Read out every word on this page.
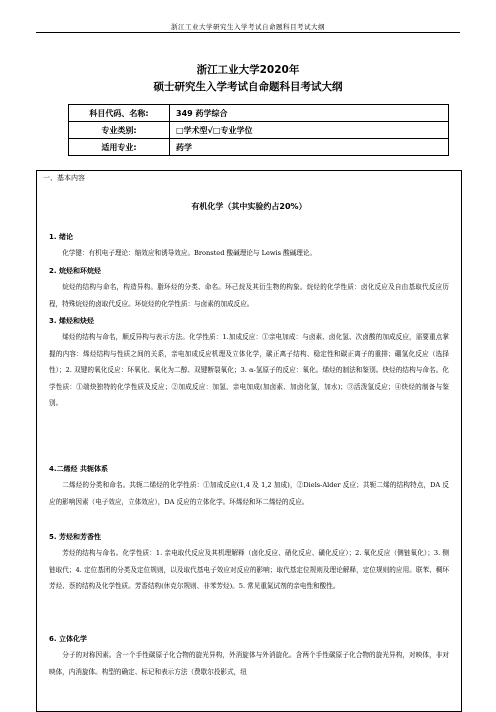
浙江工业大学研究生入学考试自命题科目考试大纲
浙江工业大学2020年
硕士研究生入学考试自命题科目考试大纲
科目代码、名称:	349 药学综合
专业类别:	□学术型√□专业学位
适用专业:	药学
一、基本内容
有机化学（其中实验约占20%）
1. 绪论

化学键：有机电子理论：缩效应和诱导效应。Bronsted 酸碱理论与 Lewis 酸碱理论。

2. 烷烃和环烷烃

烷烃的结构与命名，构造异构。脂环烃的分类、命名。环己烷及其衍生物的构象。烷烃的化学性质：卤化反应及自由基取代反应历程，特殊烷烃的卤取代反应。环烷烃的化学性质：与卤素的加成反应。

3. 烯烃和炔烃

烯烃的结构与命名，顺反异构与表示方法。化学性质：1.加成反应：①亲电加成：与卤素、卤化氢、次卤酸的加成反应，需要重点掌握的内容：烯烃结构与性质之间的关系，亲电加成反应机理及立体化学，碳正离子结构、稳定性和碳正离子的重排；硼氢化反应（选择性）；2. 双键的氧化反应：环氧化、氧化为二醇、双键断裂氧化；3. α-氢原子的反应：氧化。烯烃的制法和鉴别。炔烃的结构与命名。化学性质：①端炔独特的化学性质及反应；②加成反应：加氢、亲电加成(加卤素、加卤化氢，加水)；③活泼氢反应；④炔烃的制备与鉴别。

4.二烯烃 共轭体系

二烯烃的分类和命名。共轭二烯烃的化学性质：①加成反应(1,4 及 1,2 加成)，②Diels-Alder 反应；共轭二烯的结构特点，DA 反应的影响因素（电子效应，立体效应），DA 反应的立体化学。环烯烃和环二烯烃的反应。

5. 芳烃和芳香性

芳烃的结构与命名。化学性质：1. 亲电取代反应及其机理解释（卤化反应、硝化反应、磺化反应）；2. 氧化反应（侧链氧化）；3. 侧链取代；4. 定位基团的分类及定位规则，以及取代基电子效应对反应的影响；取代基定位规则及理论解释，定位规则的应用。联苯、稠环芳烃、萘的结构及化学性质。芳香结构(休克尔规则、非苯芳烃)。5. 常见重氮试剂的亲电性和酸性。

6. 立体化学

分子的对称因素。含一个手性碳原子化合物的旋光异构，外消旋体与外消旋化。含两个手性碳原子化合物的旋光异构，对映体，非对映体，内消旋体。构型的确定、标记和表示方法（费歇尔投影式，纽
